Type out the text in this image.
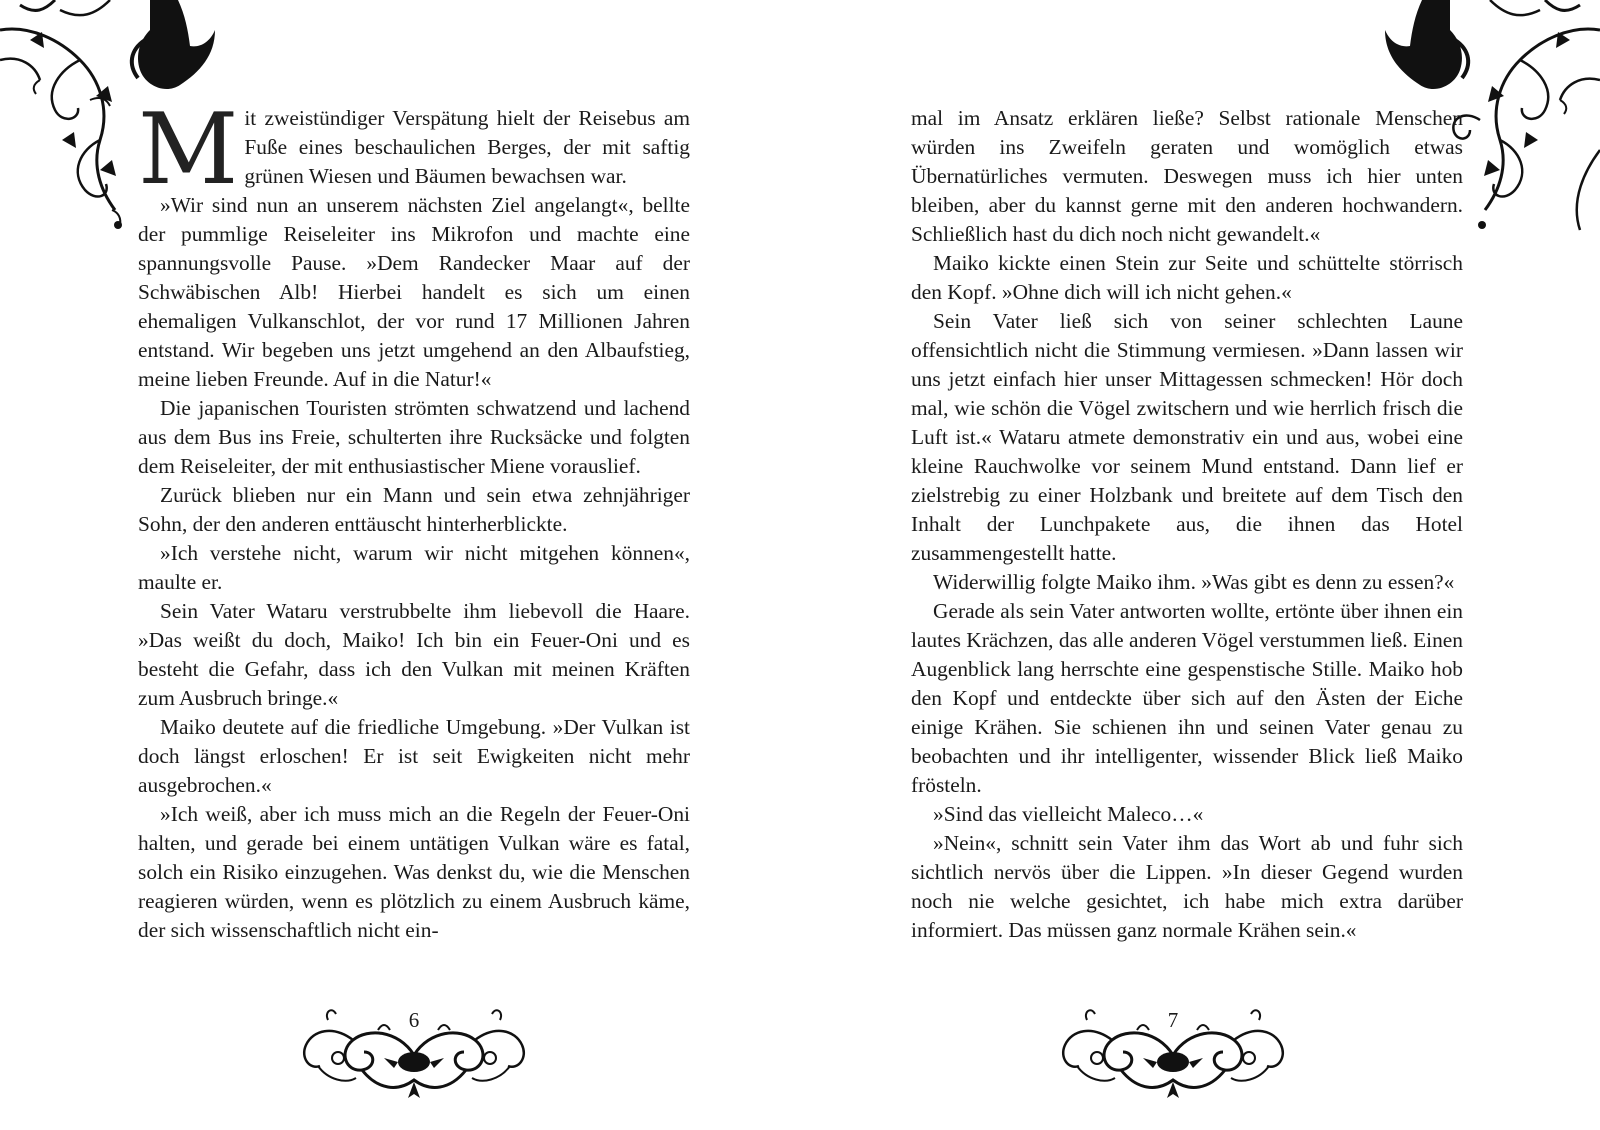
Mit zweistündiger Verspätung hielt der Reisebus am Fuße eines beschaulichen Berges, der mit saftig grünen Wiesen und Bäumen bewachsen war.

»Wir sind nun an unserem nächsten Ziel angelangt«, bellte der pummlige Reiseleiter ins Mikrofon und machte eine spannungsvolle Pause. »Dem Randecker Maar auf der Schwäbischen Alb! Hierbei handelt es sich um einen ehemaligen Vulkanschlot, der vor rund 17 Millionen Jahren entstand. Wir begeben uns jetzt umgehend an den Albaufstieg, meine lieben Freunde. Auf in die Natur!«

Die japanischen Touristen strömten schwatzend und lachend aus dem Bus ins Freie, schulterten ihre Rucksäcke und folgten dem Reiseleiter, der mit enthusiastischer Miene vorauslief.

Zurück blieben nur ein Mann und sein etwa zehnjähriger Sohn, der den anderen enttäuscht hinterherblickte.

»Ich verstehe nicht, warum wir nicht mitgehen können«, maulte er.

Sein Vater Wataru verstrubbelte ihm liebevoll die Haare. »Das weißt du doch, Maiko! Ich bin ein Feuer-Oni und es besteht die Gefahr, dass ich den Vulkan mit meinen Kräften zum Ausbruch bringe.«

Maiko deutete auf die friedliche Umgebung. »Der Vulkan ist doch längst erloschen! Er ist seit Ewigkeiten nicht mehr ausgebrochen.«

»Ich weiß, aber ich muss mich an die Regeln der Feuer-Oni halten, und gerade bei einem untätigen Vulkan wäre es fatal, solch ein Risiko einzugehen. Was denkst du, wie die Menschen reagieren würden, wenn es plötzlich zu einem Ausbruch käme, der sich wissenschaftlich nicht ein-

6

mal im Ansatz erklären ließe? Selbst rationale Menschen würden ins Zweifeln geraten und womöglich etwas Übernatürliches vermuten. Deswegen muss ich hier unten bleiben, aber du kannst gerne mit den anderen hochwandern. Schließlich hast du dich noch nicht gewandelt.«

Maiko kickte einen Stein zur Seite und schüttelte störrisch den Kopf. »Ohne dich will ich nicht gehen.«

Sein Vater ließ sich von seiner schlechten Laune offensichtlich nicht die Stimmung vermiesen. »Dann lassen wir uns jetzt einfach hier unser Mittagessen schmecken! Hör doch mal, wie schön die Vögel zwitschern und wie herrlich frisch die Luft ist.« Wataru atmete demonstrativ ein und aus, wobei eine kleine Rauchwolke vor seinem Mund entstand. Dann lief er zielstrebig zu einer Holzbank und breitete auf dem Tisch den Inhalt der Lunchpakete aus, die ihnen das Hotel zusammengestellt hatte.

Widerwillig folgte Maiko ihm. »Was gibt es denn zu essen?«

Gerade als sein Vater antworten wollte, ertönte über ihnen ein lautes Krächzen, das alle anderen Vögel verstummen ließ. Einen Augenblick lang herrschte eine gespenstische Stille. Maiko hob den Kopf und entdeckte über sich auf den Ästen der Eiche einige Krähen. Sie schienen ihn und seinen Vater genau zu beobachten und ihr intelligenter, wissender Blick ließ Maiko frösteln.

»Sind das vielleicht Maleco…«

»Nein«, schnitt sein Vater ihm das Wort ab und fuhr sich sichtlich nervös über die Lippen. »In dieser Gegend wurden noch nie welche gesichtet, ich habe mich extra darüber informiert. Das müssen ganz normale Krähen sein.«

7
